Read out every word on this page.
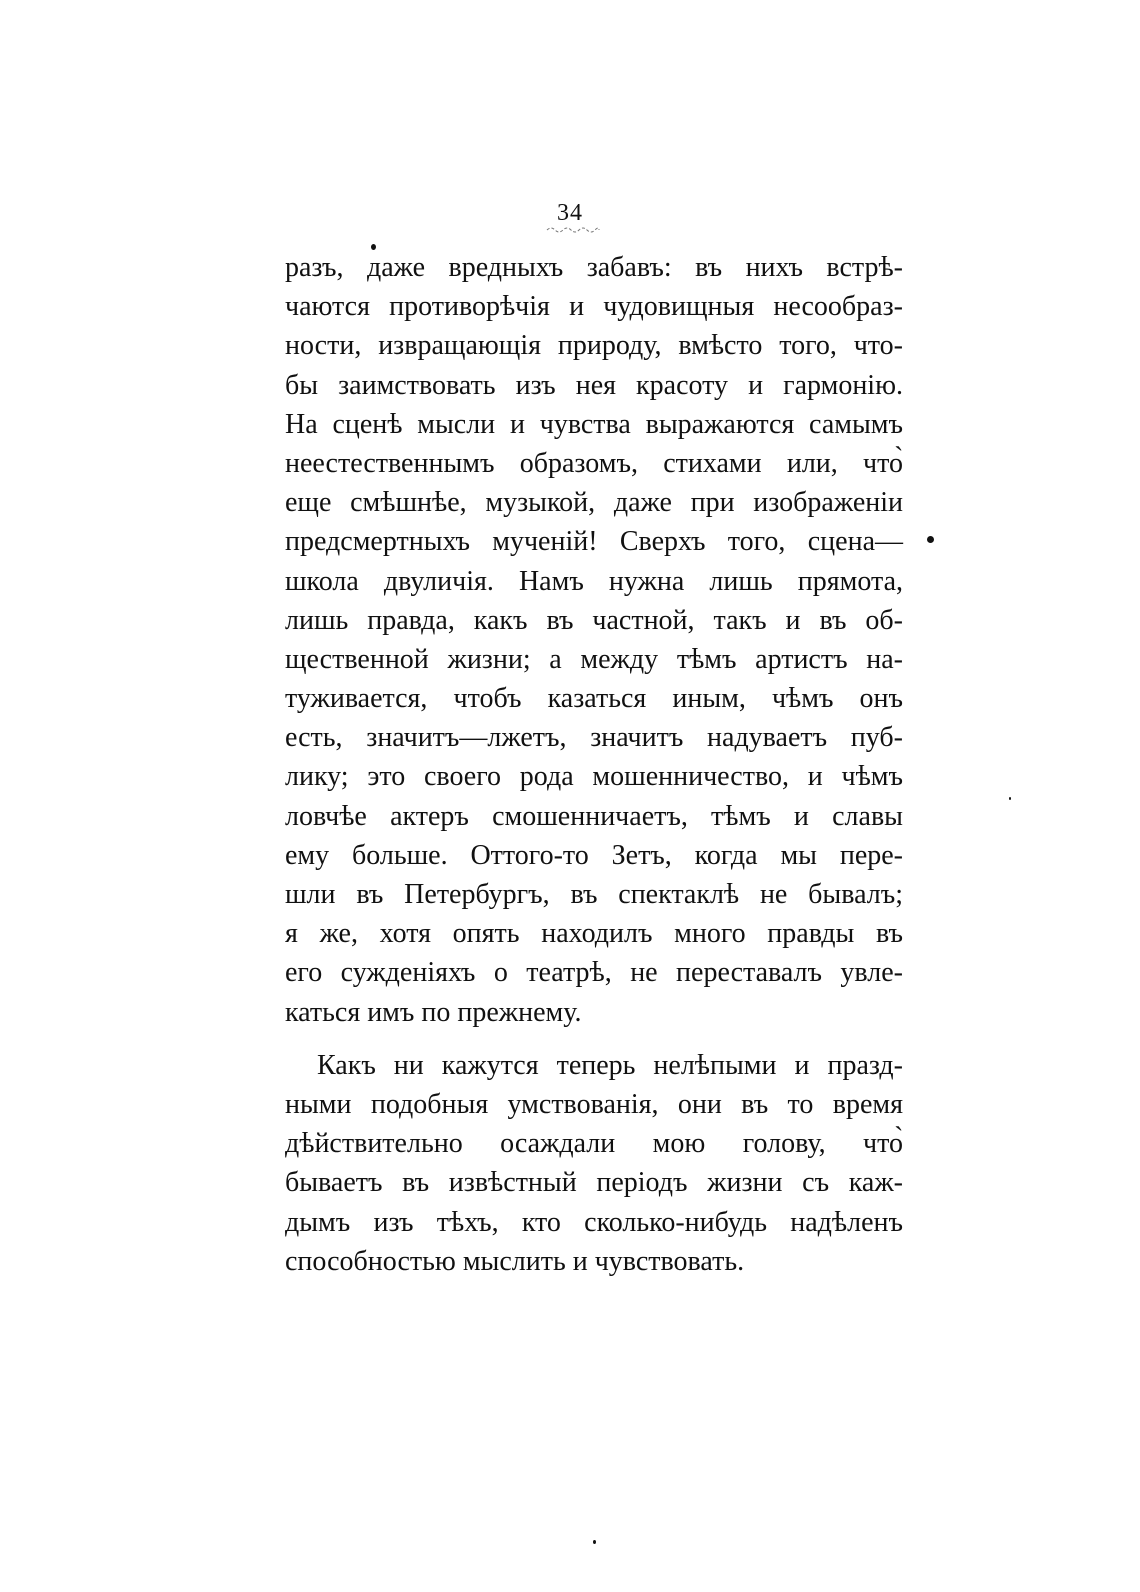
34
разъ, даже вредныхъ забавъ: въ нихъ встрѣ-
чаются противорѣчія и чудовищныя несообраз-
ности, извращающія природу, вмѣсто того, что-
бы заимствовать изъ нея красоту и гармонію.
На сценѣ мысли и чувства выражаются самымъ
неестественнымъ образомъ, стихами или, что̀
еще смѣшнѣе, музыкой, даже при изображеніи
предсмертныхъ мученій! Сверхъ того, сцена—
школа двуличія. Намъ нужна лишь прямота,
лишь правда, какъ въ частной, такъ и въ об-
щественной жизни; а между тѣмъ артистъ на-
туживается, чтобъ казаться иным, чѣмъ онъ
есть, значитъ—лжетъ, значитъ надуваетъ пуб-
лику; это своего рода мошенничество, и чѣмъ
ловчѣе актеръ смошенничаетъ, тѣмъ и славы
ему больше. Оттого-то Зетъ, когда мы пере-
шли въ Петербургъ, въ спектаклѣ не бывалъ;
я же, хотя опять находилъ много правды въ
его сужденіяхъ о театрѣ, не переставалъ увле-
каться имъ по прежнему.
Какъ ни кажутся теперь нелѣпыми и празд-
ными подобныя умствованія, они въ то время
дѣйствительно осаждали мою голову, что̀
бываетъ въ извѣстный періодъ жизни съ каж-
дымъ изъ тѣхъ, кто сколько-нибудь надѣленъ
способностью мыслить и чувствовать.
